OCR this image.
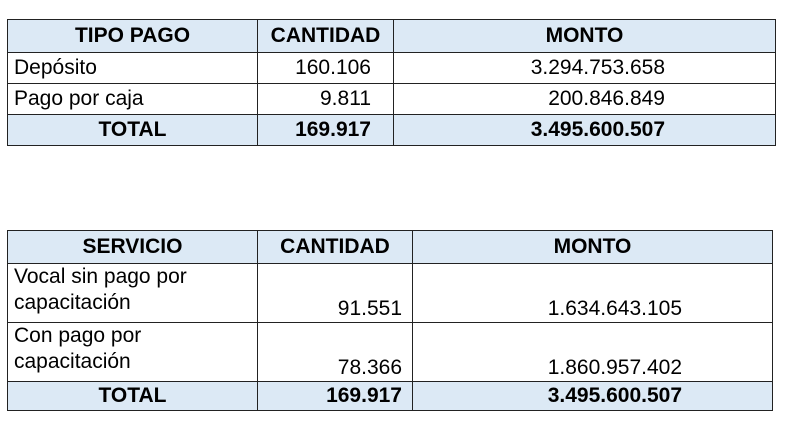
TIPO PAGO	CANTIDAD	MONTO
Depósito	160.106	3.294.753.658
Pago por caja	9.811	200.846.849
TOTAL	169.917	3.495.600.507
SERVICIO	CANTIDAD	MONTO

Vocal sin pago por
capacitación	91.551	1.634.643.105

Con pago por
capacitación	78.366	1.860.957.402
TOTAL	169.917	3.495.600.507
